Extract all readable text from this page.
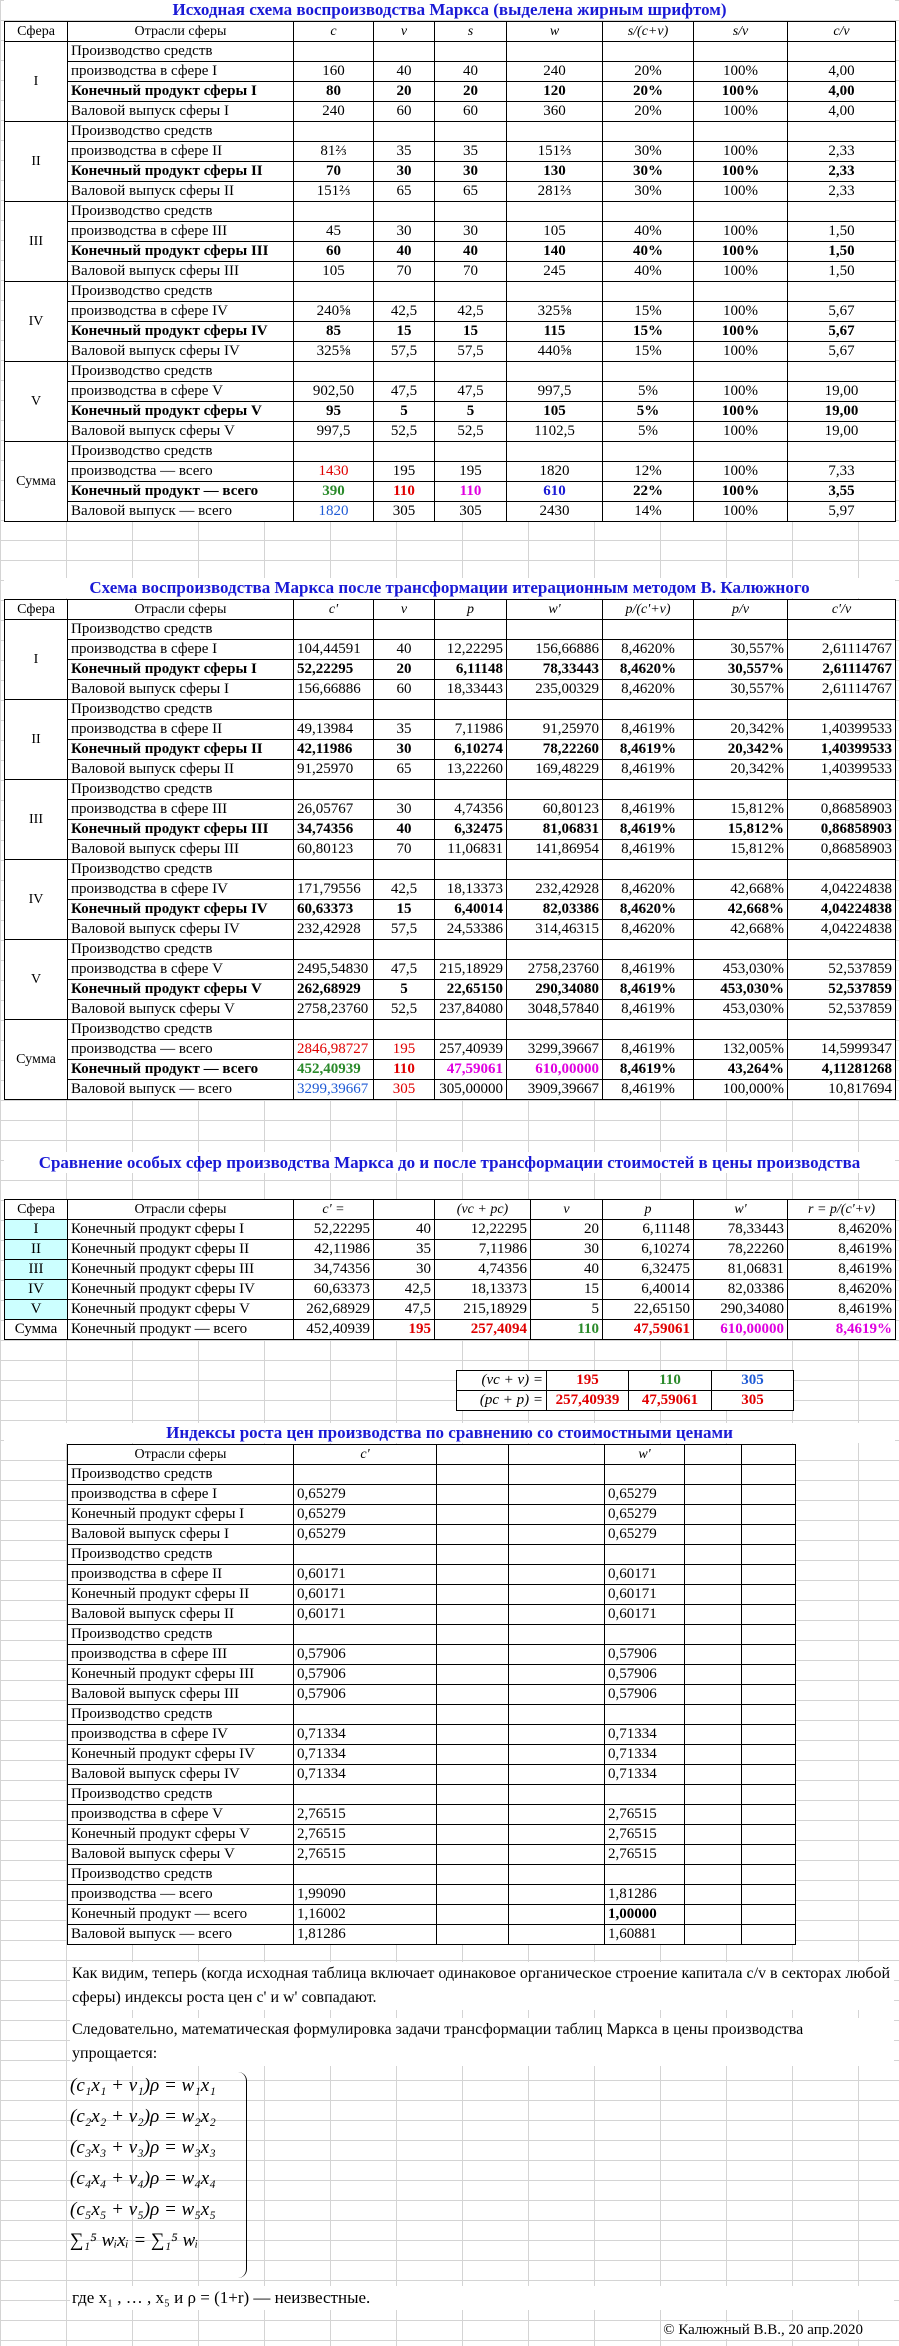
Исходная схема воспроизводства Маркса (выделена жирным шрифтом)
Сфера	Отрасли сферы	c	v	s	w	s/(c+v)	s/v	c/v
I	Производство средств							
	производства в сфере I	160	40	40	240	20%	100%	4,00
	Конечный продукт сферы I	80	20	20	120	20%	100%	4,00
	Валовой выпуск сферы I	240	60	60	360	20%	100%	4,00
II	Производство средств							
	производства в сфере II	81⅔	35	35	151⅔	30%	100%	2,33
	Конечный продукт сферы II	70	30	30	130	30%	100%	2,33
	Валовой выпуск сферы II	151⅔	65	65	281⅔	30%	100%	2,33
III	Производство средств							
	производства в сфере III	45	30	30	105	40%	100%	1,50
	Конечный продукт сферы III	60	40	40	140	40%	100%	1,50
	Валовой выпуск сферы III	105	70	70	245	40%	100%	1,50
IV	Производство средств							
	производства в сфере IV	240⅝	42,5	42,5	325⅝	15%	100%	5,67
	Конечный продукт сферы IV	85	15	15	115	15%	100%	5,67
	Валовой выпуск сферы IV	325⅝	57,5	57,5	440⅝	15%	100%	5,67
V	Производство средств							
	производства в сфере V	902,50	47,5	47,5	997,5	5%	100%	19,00
	Конечный продукт сферы V	95	5	5	105	5%	100%	19,00
	Валовой выпуск сферы V	997,5	52,5	52,5	1102,5	5%	100%	19,00
Сумма	Производство средств							
	производства — всего	1430	195	195	1820	12%	100%	7,33
	Конечный продукт — всего	390	110	110	610	22%	100%	3,55
	Валовой выпуск — всего	1820	305	305	2430	14%	100%	5,97
Схема воспроизводства Маркса после трансформации итерационным методом В. Калюжного
Сфера	Отрасли сферы	c'	v	p	w'	p/(c'+v)	p/v	c'/v
I	Производство средств							
	производства в сфере I	104,44591	40	12,22295	156,66886	8,4620%	30,557%	2,61114767
	Конечный продукт сферы I	52,22295	20	6,11148	78,33443	8,4620%	30,557%	2,61114767
	Валовой выпуск сферы I	156,66886	60	18,33443	235,00329	8,4620%	30,557%	2,61114767
II	Производство средств							
	производства в сфере II	49,13984	35	7,11986	91,25970	8,4619%	20,342%	1,40399533
	Конечный продукт сферы II	42,11986	30	6,10274	78,22260	8,4619%	20,342%	1,40399533
	Валовой выпуск сферы II	91,25970	65	13,22260	169,48229	8,4619%	20,342%	1,40399533
III	Производство средств							
	производства в сфере III	26,05767	30	4,74356	60,80123	8,4619%	15,812%	0,86858903
	Конечный продукт сферы III	34,74356	40	6,32475	81,06831	8,4619%	15,812%	0,86858903
	Валовой выпуск сферы III	60,80123	70	11,06831	141,86954	8,4619%	15,812%	0,86858903
IV	Производство средств							
	производства в сфере IV	171,79556	42,5	18,13373	232,42928	8,4620%	42,668%	4,04224838
	Конечный продукт сферы IV	60,63373	15	6,40014	82,03386	8,4620%	42,668%	4,04224838
	Валовой выпуск сферы IV	232,42928	57,5	24,53386	314,46315	8,4620%	42,668%	4,04224838
V	Производство средств							
	производства в сфере V	2495,54830	47,5	215,18929	2758,23760	8,4619%	453,030%	52,537859
	Конечный продукт сферы V	262,68929	5	22,65150	290,34080	8,4619%	453,030%	52,537859
	Валовой выпуск сферы V	2758,23760	52,5	237,84080	3048,57840	8,4619%	453,030%	52,537859
Сумма	Производство средств							
	производства — всего	2846,98727	195	257,40939	3299,39667	8,4619%	132,005%	14,5999347
	Конечный продукт — всего	452,40939	110	47,59061	610,00000	8,4619%	43,264%	4,11281268
	Валовой выпуск — всего	3299,39667	305	305,00000	3909,39667	8,4619%	100,000%	10,817694
Сравнение особых сфер производства Маркса до и после трансформации стоимостей в цены производства
Сфера	Отрасли сферы	c' =		(vc + pc)	v	p	w'	r = p/(c'+v)
I	Конечный продукт сферы I	52,22295	40	12,22295	20	6,11148	78,33443	8,4620%
II	Конечный продукт сферы II	42,11986	35	7,11986	30	6,10274	78,22260	8,4619%
III	Конечный продукт сферы III	34,74356	30	4,74356	40	6,32475	81,06831	8,4619%
IV	Конечный продукт сферы IV	60,63373	42,5	18,13373	15	6,40014	82,03386	8,4620%
V	Конечный продукт сферы V	262,68929	47,5	215,18929	5	22,65150	290,34080	8,4619%
Сумма	Конечный продукт — всего	452,40939	195	257,4094	110	47,59061	610,00000	8,4619%
(vc + v) =	195	110	305
(pc + p) =	257,40939	47,59061	305
Индексы роста цен производства по сравнению со стоимостными ценами
Отрасли сферы	c'			w'		
Производство средств						
производства в сфере I	0,65279			0,65279		
Конечный продукт сферы I	0,65279			0,65279		
Валовой выпуск сферы I	0,65279			0,65279		
Производство средств						
производства в сфере II	0,60171			0,60171		
Конечный продукт сферы II	0,60171			0,60171		
Валовой выпуск сферы II	0,60171			0,60171		
Производство средств						
производства в сфере III	0,57906			0,57906		
Конечный продукт сферы III	0,57906			0,57906		
Валовой выпуск сферы III	0,57906			0,57906		
Производство средств						
производства в сфере IV	0,71334			0,71334		
Конечный продукт сферы IV	0,71334			0,71334		
Валовой выпуск сферы IV	0,71334			0,71334		
Производство средств						
производства в сфере V	2,76515			2,76515		
Конечный продукт сферы V	2,76515			2,76515		
Валовой выпуск сферы V	2,76515			2,76515		
Производство средств						
производства — всего	1,99090			1,81286		
Конечный продукт — всего	1,16002			1,00000		
Валовой выпуск — всего	1,81286			1,60881		
Как видим, теперь (когда исходная таблица включает одинаковое органическое строение капитала c/v в секторах любой сферы) индексы роста цен c' и w' совпадают.
Следовательно, математическая формулировка задачи трансформации таблиц Маркса в цены производства упрощается:
(c₁x₁ + v₁)ρ = w₁x₁
(c₂x₂ + v₂)ρ = w₂x₂
(c₃x₃ + v₃)ρ = w₃x₃
(c₄x₄ + v₄)ρ = w₄x₄
(c₅x₅ + v₅)ρ = w₅x₅
∑₁⁵ wᵢxᵢ = ∑₁⁵ wᵢ
где x₁ , … , x₅ и ρ = (1+r) — неизвестные.
© Калюжный В.В., 20 апр.2020
